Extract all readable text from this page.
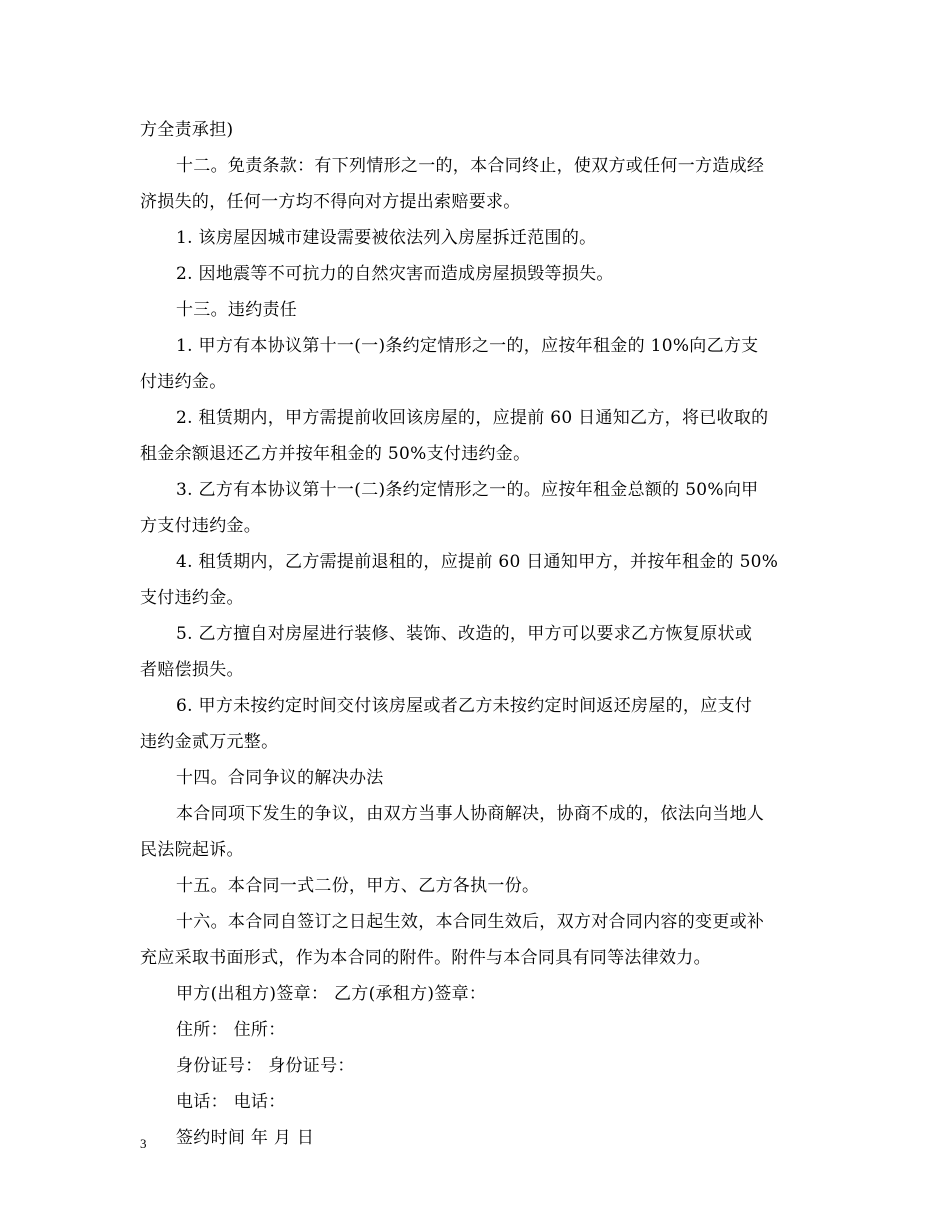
方全责承担)
十二。免责条款：有下列情形之一的，本合同终止，使双方或任何一方造成经
济损失的，任何一方均不得向对方提出索赔要求。
1. 该房屋因城市建设需要被依法列入房屋拆迁范围的。
2. 因地震等不可抗力的自然灾害而造成房屋损毁等损失。
十三。违约责任
1. 甲方有本协议第十一(一)条约定情形之一的，应按年租金的 10%向乙方支
付违约金。
2. 租赁期内，甲方需提前收回该房屋的，应提前 60 日通知乙方，将已收取的
租金余额退还乙方并按年租金的 50%支付违约金。
3. 乙方有本协议第十一(二)条约定情形之一的。应按年租金总额的 50%向甲
方支付违约金。
4. 租赁期内，乙方需提前退租的，应提前 60 日通知甲方，并按年租金的 50%
支付违约金。
5. 乙方擅自对房屋进行装修、装饰、改造的，甲方可以要求乙方恢复原状或
者赔偿损失。
6. 甲方未按约定时间交付该房屋或者乙方未按约定时间返还房屋的，应支付
违约金贰万元整。
十四。合同争议的解决办法
本合同项下发生的争议，由双方当事人协商解决，协商不成的，依法向当地人
民法院起诉。
十五。本合同一式二份，甲方、乙方各执一份。
十六。本合同自签订之日起生效，本合同生效后，双方对合同内容的变更或补
充应采取书面形式，作为本合同的附件。附件与本合同具有同等法律效力。
甲方(出租方)签章： 乙方(承租方)签章：
住所： 住所：
身份证号： 身份证号：
电话： 电话：
签约时间 年 月 日
3
